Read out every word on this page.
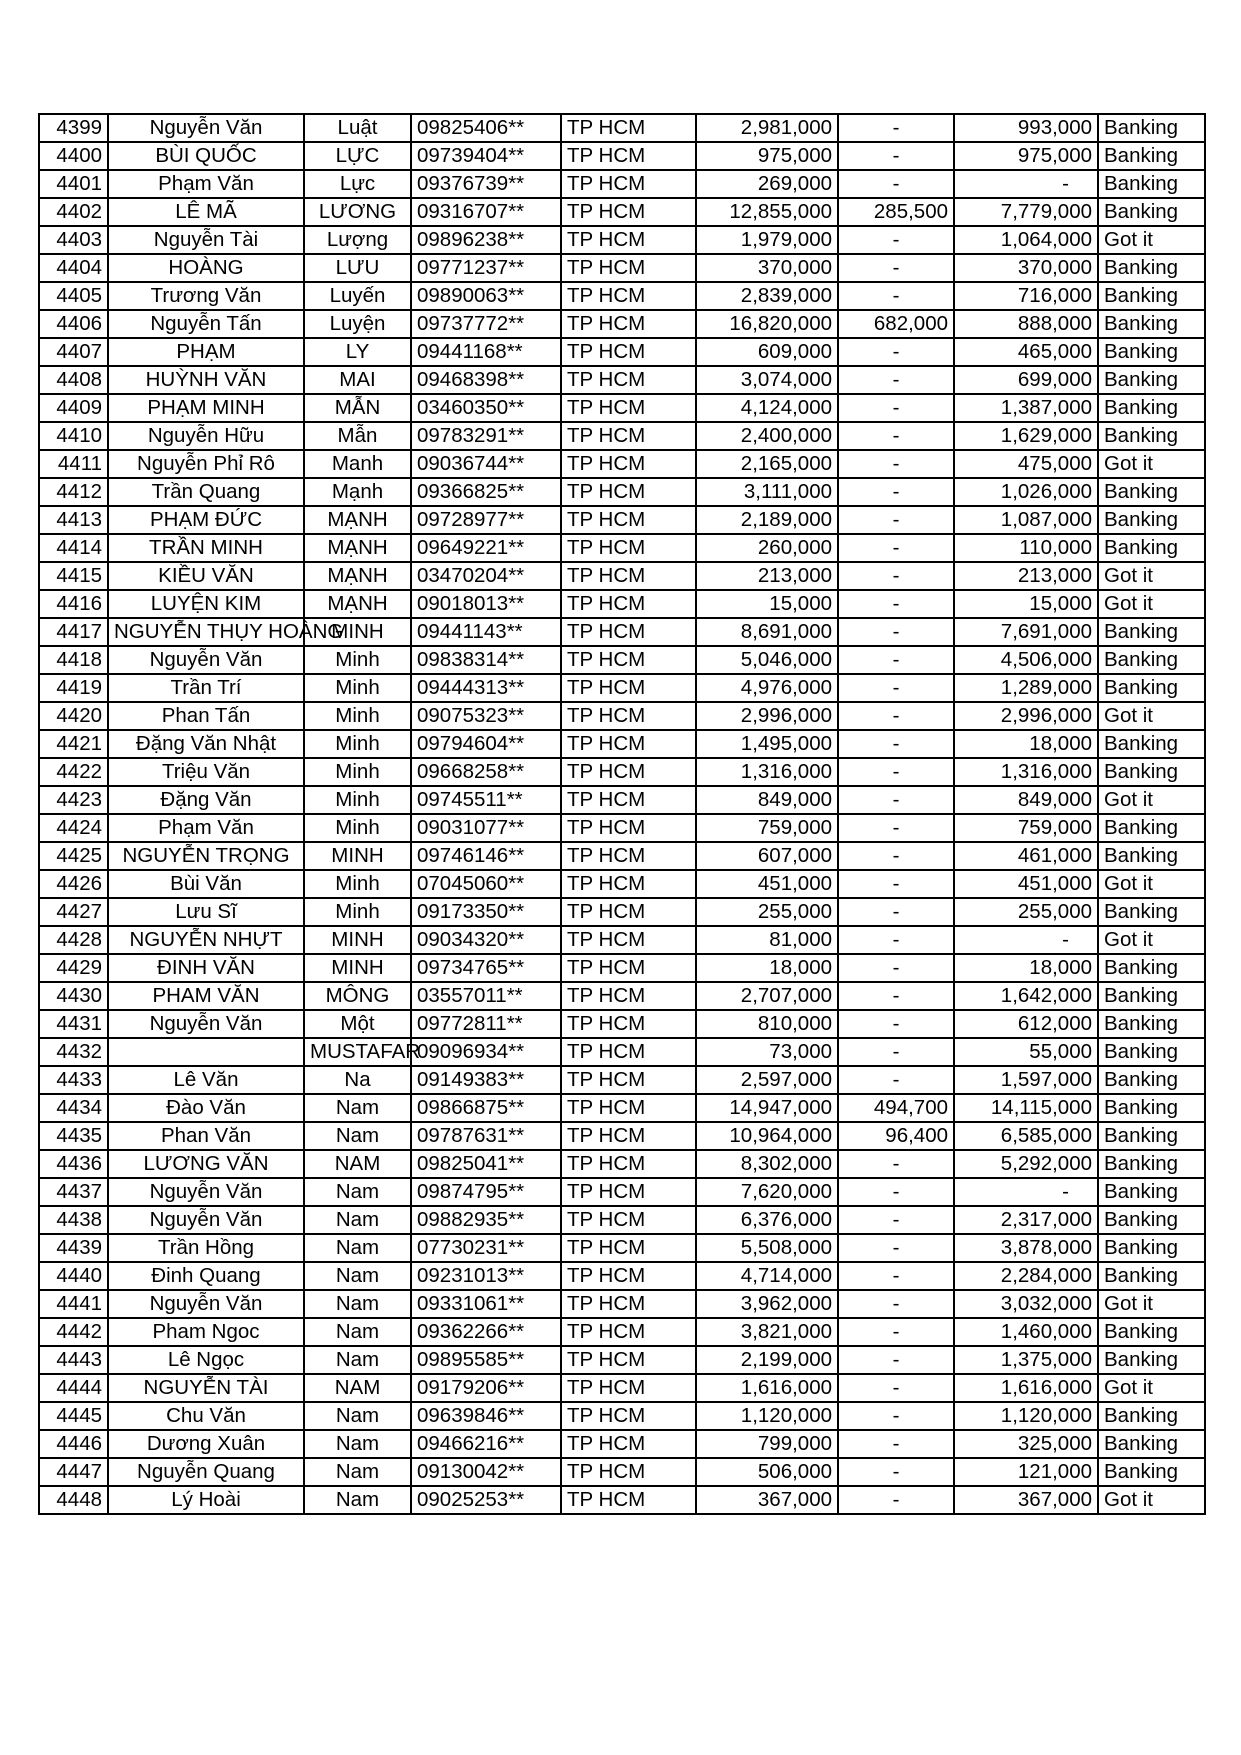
4399	Nguyễn Văn	Luật	09825406**	TP HCM	2,981,000	-	993,000	Banking
4400	BÙI QUỐC	LỰC	09739404**	TP HCM	975,000	-	975,000	Banking
4401	Phạm Văn	Lực	09376739**	TP HCM	269,000	-	-	Banking
4402	LÊ MÃ	LƯƠNG	09316707**	TP HCM	12,855,000	285,500	7,779,000	Banking
4403	Nguyễn Tài	Lượng	09896238**	TP HCM	1,979,000	-	1,064,000	Got it
4404	HOÀNG	LƯU	09771237**	TP HCM	370,000	-	370,000	Banking
4405	Trương Văn	Luyến	09890063**	TP HCM	2,839,000	-	716,000	Banking
4406	Nguyễn Tấn	Luyện	09737772**	TP HCM	16,820,000	682,000	888,000	Banking
4407	PHẠM	LY	09441168**	TP HCM	609,000	-	465,000	Banking
4408	HUỲNH VĂN	MAI	09468398**	TP HCM	3,074,000	-	699,000	Banking
4409	PHẠM MINH	MẪN	03460350**	TP HCM	4,124,000	-	1,387,000	Banking
4410	Nguyễn Hữu	Mẫn	09783291**	TP HCM	2,400,000	-	1,629,000	Banking
4411	Nguyễn Phỉ Rô	Manh	09036744**	TP HCM	2,165,000	-	475,000	Got it
4412	Trần Quang	Mạnh	09366825**	TP HCM	3,111,000	-	1,026,000	Banking
4413	PHẠM ĐỨC	MẠNH	09728977**	TP HCM	2,189,000	-	1,087,000	Banking
4414	TRẦN MINH	MẠNH	09649221**	TP HCM	260,000	-	110,000	Banking
4415	KIỀU VĂN	MẠNH	03470204**	TP HCM	213,000	-	213,000	Got it
4416	LUYỆN KIM	MẠNH	09018013**	TP HCM	15,000	-	15,000	Got it
4417	NGUYỄN THỤY HOÀNG	MINH	09441143**	TP HCM	8,691,000	-	7,691,000	Banking
4418	Nguyễn Văn	Minh	09838314**	TP HCM	5,046,000	-	4,506,000	Banking
4419	Trần Trí	Minh	09444313**	TP HCM	4,976,000	-	1,289,000	Banking
4420	Phan Tấn	Minh	09075323**	TP HCM	2,996,000	-	2,996,000	Got it
4421	Đặng Văn Nhật	Minh	09794604**	TP HCM	1,495,000	-	18,000	Banking
4422	Triệu Văn	Minh	09668258**	TP HCM	1,316,000	-	1,316,000	Banking
4423	Đặng Văn	Minh	09745511**	TP HCM	849,000	-	849,000	Got it
4424	Phạm Văn	Minh	09031077**	TP HCM	759,000	-	759,000	Banking
4425	NGUYỄN TRỌNG	MINH	09746146**	TP HCM	607,000	-	461,000	Banking
4426	Bùi Văn	Minh	07045060**	TP HCM	451,000	-	451,000	Got it
4427	Lưu Sĩ	Minh	09173350**	TP HCM	255,000	-	255,000	Banking
4428	NGUYỄN NHỰT	MINH	09034320**	TP HCM	81,000	-	-	Got it
4429	ĐINH VĂN	MINH	09734765**	TP HCM	18,000	-	18,000	Banking
4430	PHAM VĂN	MÔNG	03557011**	TP HCM	2,707,000	-	1,642,000	Banking
4431	Nguyễn Văn	Một	09772811**	TP HCM	810,000	-	612,000	Banking
4432		MUSTAFAR	09096934**	TP HCM	73,000	-	55,000	Banking
4433	Lê Văn	Na	09149383**	TP HCM	2,597,000	-	1,597,000	Banking
4434	Đào Văn	Nam	09866875**	TP HCM	14,947,000	494,700	14,115,000	Banking
4435	Phan Văn	Nam	09787631**	TP HCM	10,964,000	96,400	6,585,000	Banking
4436	LƯƠNG VĂN	NAM	09825041**	TP HCM	8,302,000	-	5,292,000	Banking
4437	Nguyễn Văn	Nam	09874795**	TP HCM	7,620,000	-	-	Banking
4438	Nguyễn Văn	Nam	09882935**	TP HCM	6,376,000	-	2,317,000	Banking
4439	Trần Hồng	Nam	07730231**	TP HCM	5,508,000	-	3,878,000	Banking
4440	Đinh Quang	Nam	09231013**	TP HCM	4,714,000	-	2,284,000	Banking
4441	Nguyễn Văn	Nam	09331061**	TP HCM	3,962,000	-	3,032,000	Got it
4442	Pham Ngoc	Nam	09362266**	TP HCM	3,821,000	-	1,460,000	Banking
4443	Lê Ngọc	Nam	09895585**	TP HCM	2,199,000	-	1,375,000	Banking
4444	NGUYỄN TÀI	NAM	09179206**	TP HCM	1,616,000	-	1,616,000	Got it
4445	Chu Văn	Nam	09639846**	TP HCM	1,120,000	-	1,120,000	Banking
4446	Dương Xuân	Nam	09466216**	TP HCM	799,000	-	325,000	Banking
4447	Nguyễn Quang	Nam	09130042**	TP HCM	506,000	-	121,000	Banking
4448	Lý Hoài	Nam	09025253**	TP HCM	367,000	-	367,000	Got it
